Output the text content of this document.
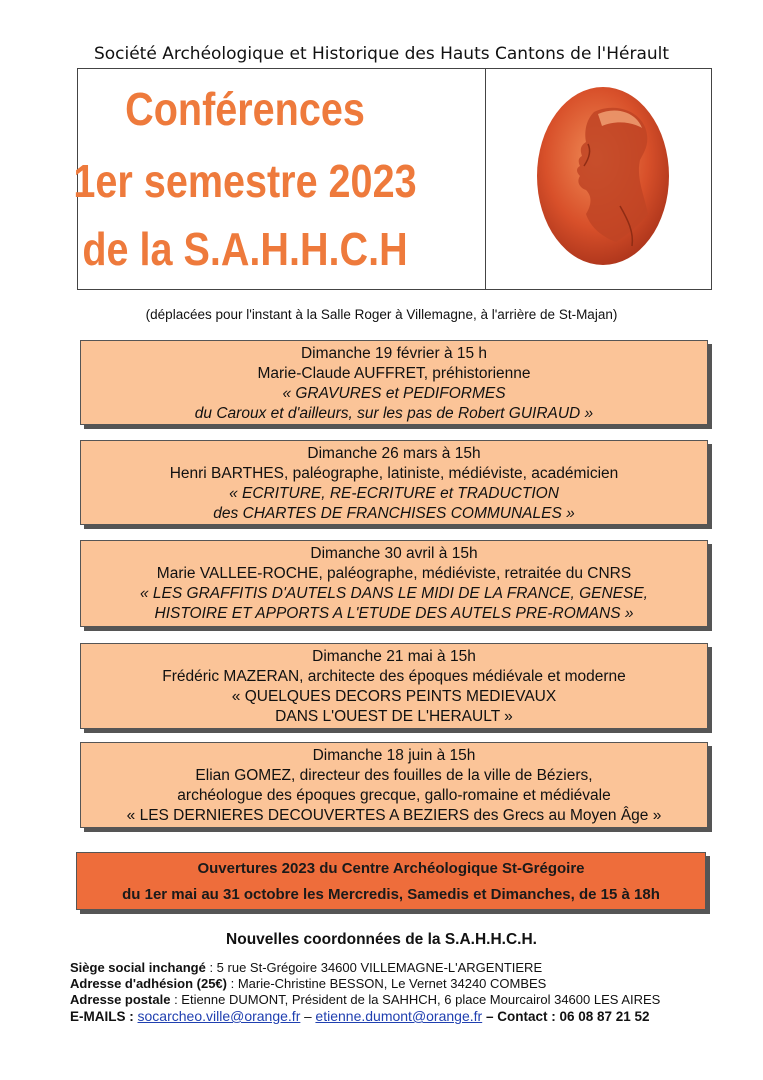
Société Archéologique et Historique des Hauts Cantons de l'Hérault
Conférences
1er semestre 2023
de la S.A.H.H.C.H
(déplacées pour l'instant à la Salle Roger à Villemagne, à l'arrière de St-Majan)
Dimanche 19 février à 15 h
Marie-Claude AUFFRET, préhistorienne
« GRAVURES et PEDIFORMES
du Caroux et d'ailleurs, sur les pas de Robert GUIRAUD »
Dimanche 26 mars à 15h
Henri BARTHES, paléographe, latiniste, médiéviste, académicien
« ECRITURE, RE-ECRITURE et TRADUCTION
des CHARTES DE FRANCHISES COMMUNALES »
Dimanche 30 avril à 15h
Marie VALLEE-ROCHE, paléographe, médiéviste, retraitée du CNRS
« LES GRAFFITIS D'AUTELS DANS LE MIDI DE LA FRANCE, GENESE,
HISTOIRE ET APPORTS A L'ETUDE DES AUTELS PRE-ROMANS »
Dimanche 21 mai à 15h
Frédéric MAZERAN, architecte des époques médiévale et moderne
« QUELQUES DECORS PEINTS MEDIEVAUX
DANS L'OUEST DE L'HERAULT »
Dimanche 18 juin à 15h
Elian GOMEZ, directeur des fouilles de la ville de Béziers,
archéologue des époques grecque, gallo-romaine et médiévale
« LES DERNIERES DECOUVERTES A BEZIERS des Grecs au Moyen Âge »
Ouvertures 2023 du Centre Archéologique St-Grégoire
du 1er mai au 31 octobre les Mercredis, Samedis et Dimanches, de 15 à 18h
Nouvelles coordonnées de la S.A.H.H.C.H.
Siège social inchangé : 5 rue St-Grégoire 34600 VILLEMAGNE-L'ARGENTIERE
Adresse d'adhésion (25€) : Marie-Christine BESSON, Le Vernet 34240 COMBES
Adresse postale : Etienne DUMONT, Président de la SAHHCH, 6 place Mourcairol 34600 LES AIRES
E-MAILS : socarcheo.ville@orange.fr – etienne.dumont@orange.fr – Contact : 06 08 87 21 52
